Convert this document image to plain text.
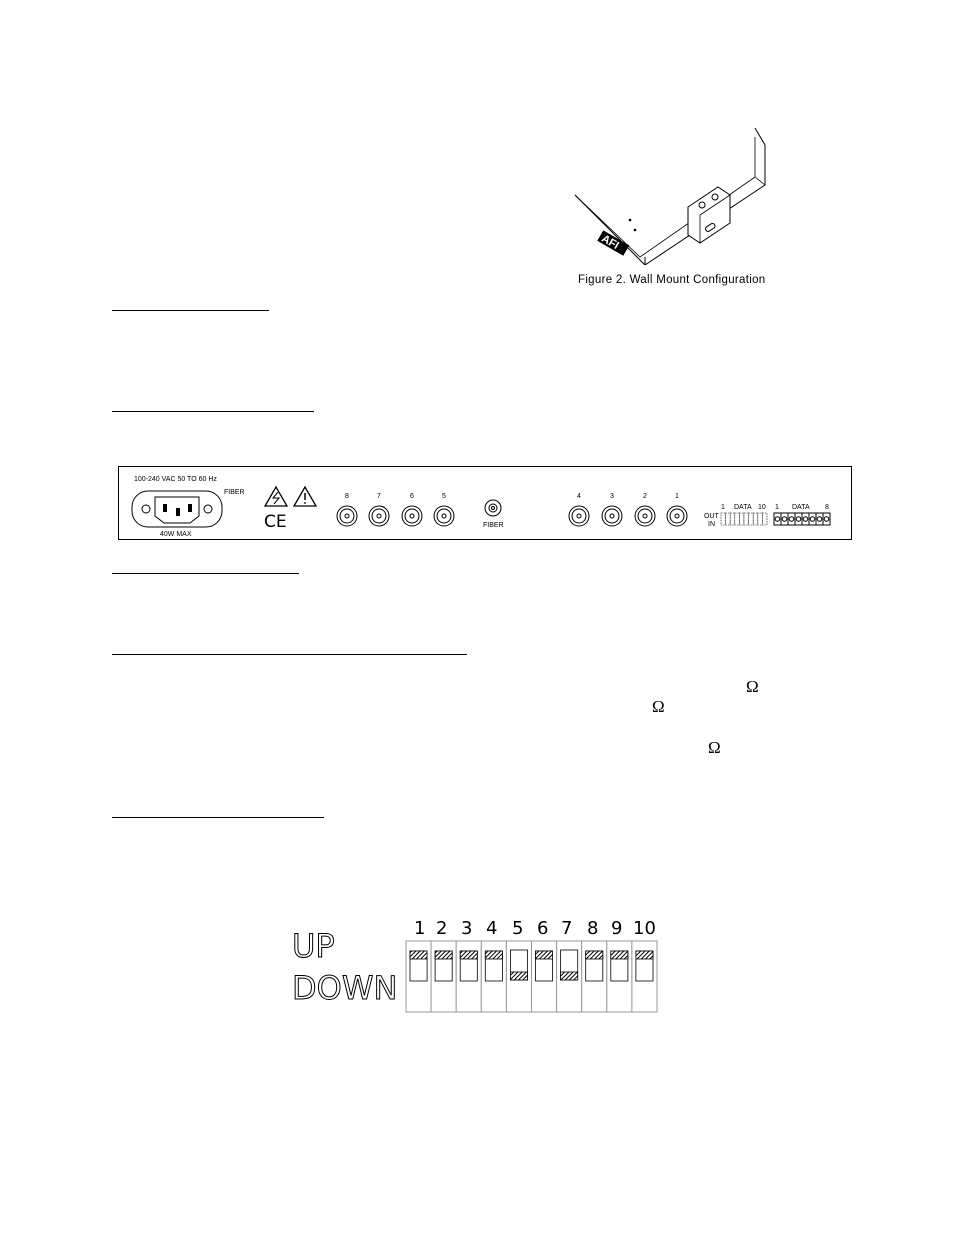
AFI
Figure 2. Wall Mount Configuration
100-240 VAC 50 TO 60 Hz
FIBER
40W MAX
CE
8	7	6	5
FIBER
4	3	2	1
OUT
IN
1 DATA 10 1 DATA 8
Ω
Ω
Ω
UP
DOWN
1 2 3 4 5 6 7 8 9 10
